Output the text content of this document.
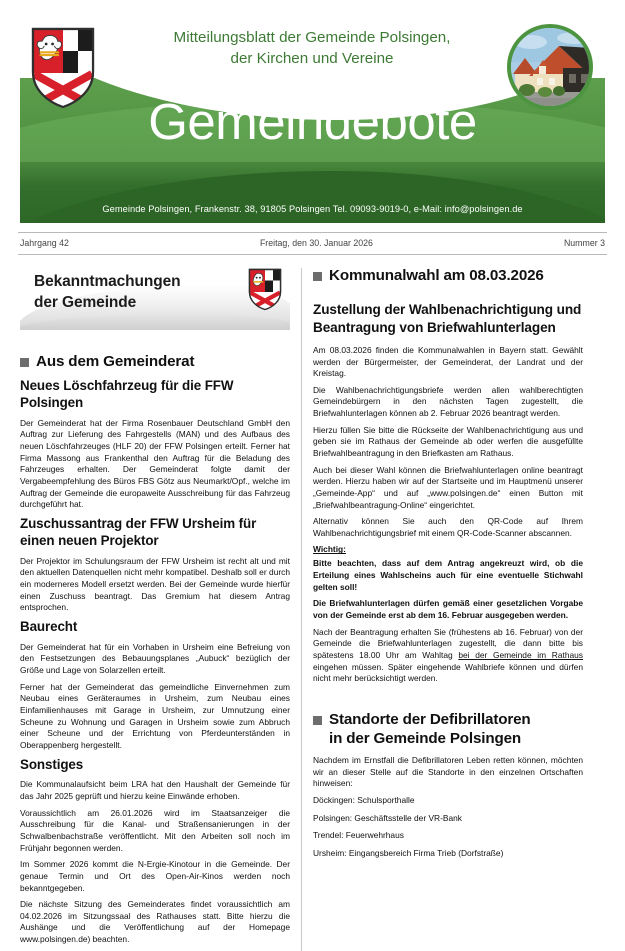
Gemeindebote
Gemeinde Polsingen, Frankenstr. 38, 91805 Polsingen Tel. 09093-9019-0, e-Mail: info@polsingen.de
Mitteilungsblatt der Gemeinde Polsingen,
der Kirchen und Vereine
Jahrgang 42	Freitag, den 30. Januar 2026	Nummer 3
Bekanntmachungen
der Gemeinde
Aus dem Gemeinderat
Neues Löschfahrzeug für die FFW Polsingen

Der Gemeinderat hat der Firma Rosenbauer Deutschland GmbH den Auftrag zur Lieferung des Fahrgestells (MAN) und des Aufbaus des neuen Löschfahrzeuges (HLF 20) der FFW Polsingen erteilt. Ferner hat Firma Massong aus Frankenthal den Auftrag für die Beladung des Fahrzeuges erhalten. Der Gemeinderat folgte damit der Vergabeempfehlung des Büros FBS Götz aus Neumarkt/Opf., welche im Auftrag der Gemeinde die europaweite Ausschreibung für das Fahrzeug durchgeführt hat.

Zuschussantrag der FFW Ursheim für einen neuen Projektor

Der Projektor im Schulungsraum der FFW Ursheim ist recht alt und mit den aktuellen Datenquellen nicht mehr kompatibel. Deshalb soll er durch ein moderneres Modell ersetzt werden. Bei der Gemeinde wurde hierfür einen Zuschuss beantragt. Das Gremium hat diesem Antrag entsprochen.

Baurecht

Der Gemeinderat hat für ein Vorhaben in Ursheim eine Befreiung von den Festsetzungen des Bebauungsplanes „Aubuck“ bezüglich der Größe und Lage von Solarzellen erteilt.

Ferner hat der Gemeinderat das gemeindliche Einvernehmen zum Neubau eines Geräteraumes in Ursheim, zum Neubau eines Einfamilienhauses mit Garage in Ursheim, zur Umnutzung einer Scheune zu Wohnung und Garagen in Ursheim sowie zum Abbruch einer Scheune und der Errichtung von Pferdeunterständen in Oberappenberg hergestellt.

Sonstiges

Die Kommunalaufsicht beim LRA hat den Haushalt der Gemeinde für das Jahr 2025 geprüft und hierzu keine Einwände erhoben.

Voraussichtlich am 26.01.2026 wird im Staatsanzeiger die Ausschreibung für die Kanal- und Straßensanierungen in der Schwalbenbachstraße veröffentlicht. Mit den Arbeiten soll noch im Frühjahr begonnen werden.

Im Sommer 2026 kommt die N-Ergie-Kinotour in die Gemeinde. Der genaue Termin und Ort des Open-Air-Kinos werden noch bekanntgegeben.

Die nächste Sitzung des Gemeinderates findet voraussichtlich am 04.02.2026 im Sitzungssaal des Rathauses statt. Bitte hierzu die Aushänge und die Veröffentlichung auf der Homepage www.polsingen.de) beachten.

Kommunalwahl am 08.03.2026
Zustellung der Wahlbenachrichtigung und
Beantragung von Briefwahlunterlagen

Am 08.03.2026 finden die Kommunalwahlen in Bayern statt. Gewählt werden der Bürgermeister, der Gemeinderat, der Landrat und der Kreistag.

Die Wahlbenachrichtigungsbriefe werden allen wahlberechtigten Gemeindebürgern in den nächsten Tagen zugestellt, die Briefwahlunterlagen können ab 2. Februar 2026 beantragt werden.

Hierzu füllen Sie bitte die Rückseite der Wahlbenachrichtigung aus und geben sie im Rathaus der Gemeinde ab oder werfen die ausgefüllte Briefwahlbeantragung in den Briefkasten am Rathaus.

Auch bei dieser Wahl können die Briefwahlunterlagen online beantragt werden. Hierzu haben wir auf der Startseite und im Hauptmenü unserer „Gemeinde-App“ und auf „www.polsingen.de“ einen Button mit „Briefwahlbeantragung-Online“ eingerichtet.

Alternativ können Sie auch den QR-Code auf Ihrem Wahlbenachrichtigungsbrief mit einem QR-Code-Scanner abscannen.

Wichtig:

Bitte beachten, dass auf dem Antrag angekreuzt wird, ob die Erteilung eines Wahlscheins auch für eine eventuelle Stichwahl gelten soll!

Die Briefwahlunterlagen dürfen gemäß einer gesetzlichen Vorgabe von der Gemeinde erst ab dem 16. Februar ausgegeben werden.

Nach der Beantragung erhalten Sie (frühestens ab 16. Februar) von der Gemeinde die Briefwahlunterlagen zugestellt, die dann bitte bis spätestens 18.00 Uhr am Wahltag bei der Gemeinde im Rathaus eingehen müssen. Später eingehende Wahlbriefe können und dürfen nicht mehr berücksichtigt werden.

Standorte der Defibrillatoren
in der Gemeinde Polsingen

Nachdem im Ernstfall die Defibrillatoren Leben retten können, möchten wir an dieser Stelle auf die Standorte in den einzelnen Ortschaften hinweisen:

Döckingen: Schulsporthalle
Polsingen: Geschäftsstelle der VR-Bank
Trendel: Feuerwehrhaus
Ursheim: Eingangsbereich Firma Trieb (Dorfstraße)
